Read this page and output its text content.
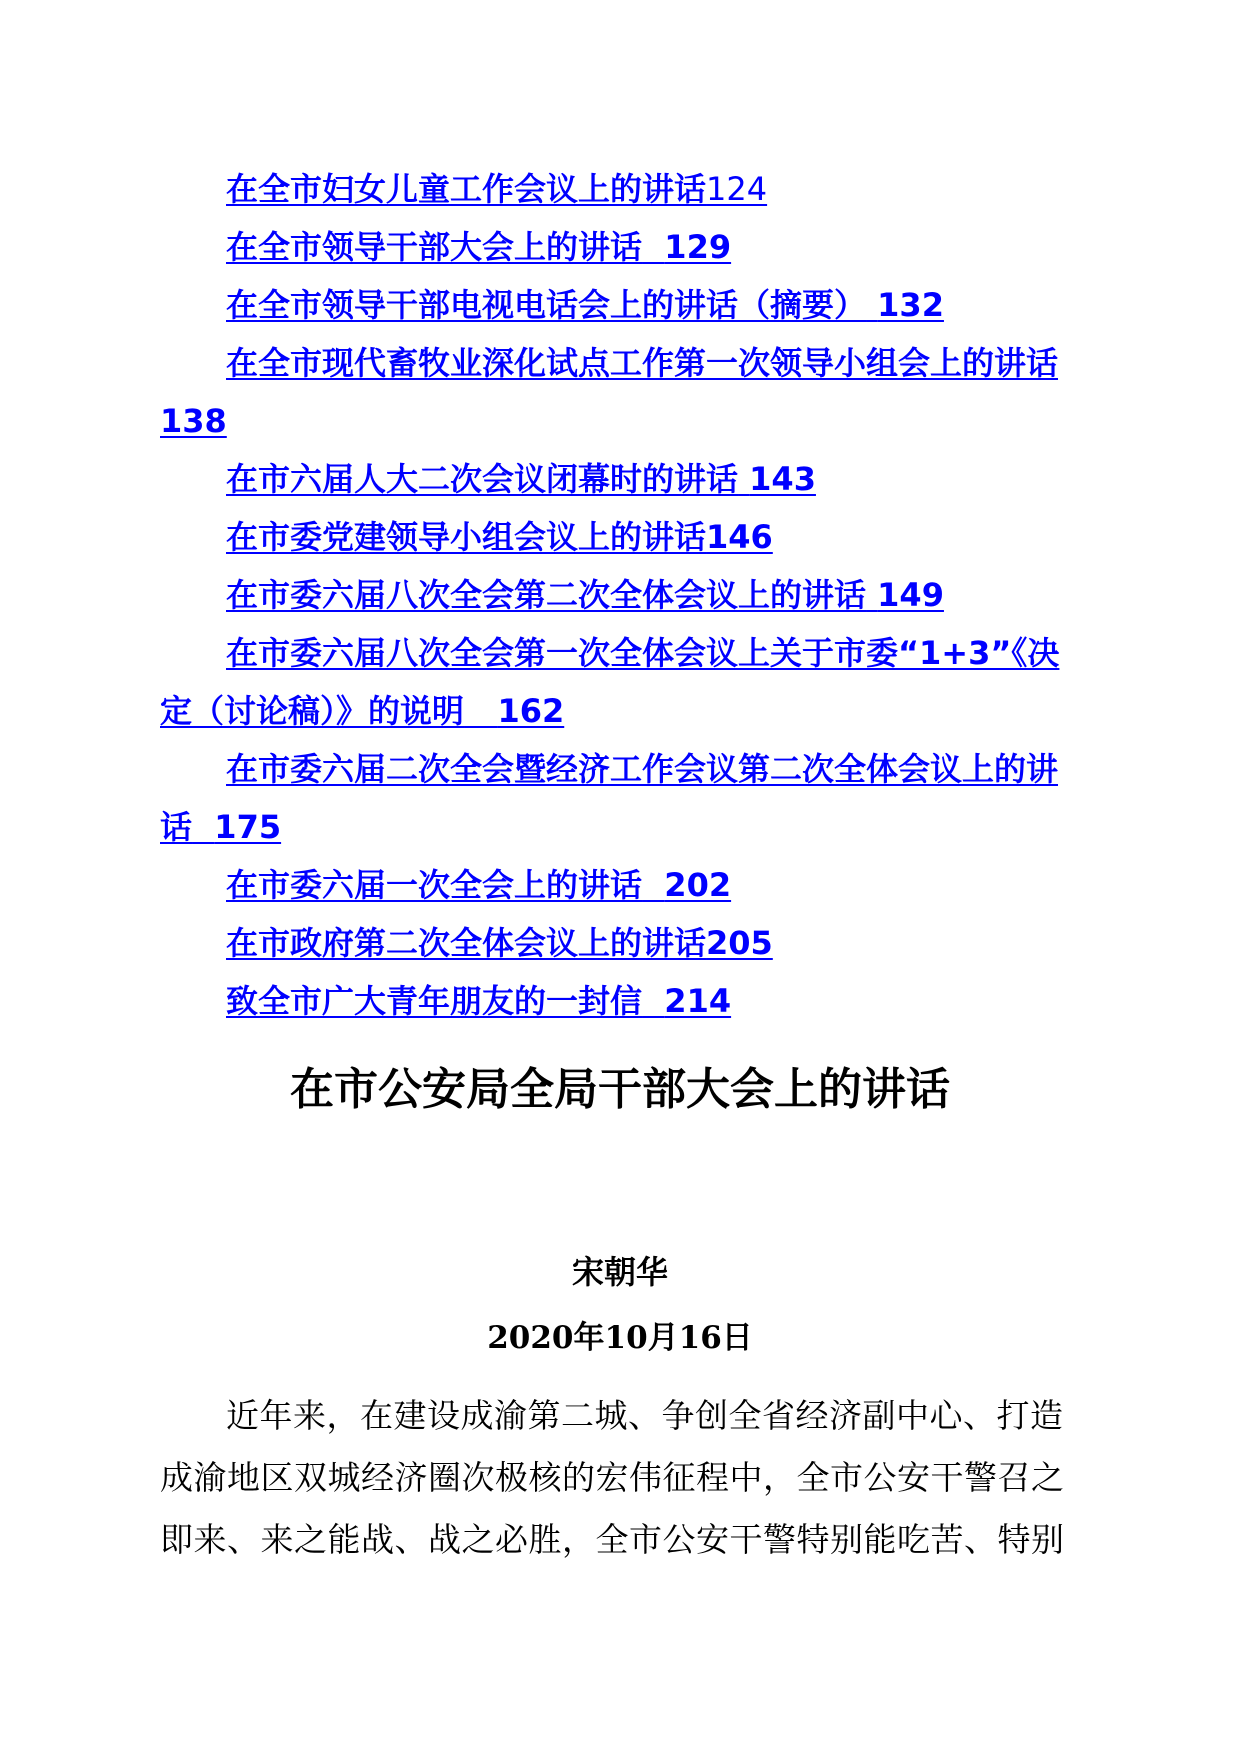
在全市妇女儿童工作会议上的讲话124
在全市领导干部大会上的讲话 129
在全市领导干部电视电话会上的讲话（摘要） 132
在全市现代畜牧业深化试点工作第一次领导小组会上的讲话 138
在市六届人大二次会议闭幕时的讲话 143
在市委党建领导小组会议上的讲话146
在市委六届八次全会第二次全体会议上的讲话 149
在市委六届八次全会第一次全体会议上关于市委“1+3”《决定（讨论稿）》的说明 162
在市委六届二次全会暨经济工作会议第二次全体会议上的讲话 175
在市委六届一次全会上的讲话 202
在市政府第二次全体会议上的讲话205
致全市广大青年朋友的一封信 214
在市公安局全局干部大会上的讲话
宋朝华
2020年10月16日

近年来，在建设成渝第二城、争创全省经济副中心、打造成渝地区双城经济圈次极核的宏伟征程中，全市公安干警召之即来、来之能战、战之必胜，全市公安干警特别能吃苦、特别
